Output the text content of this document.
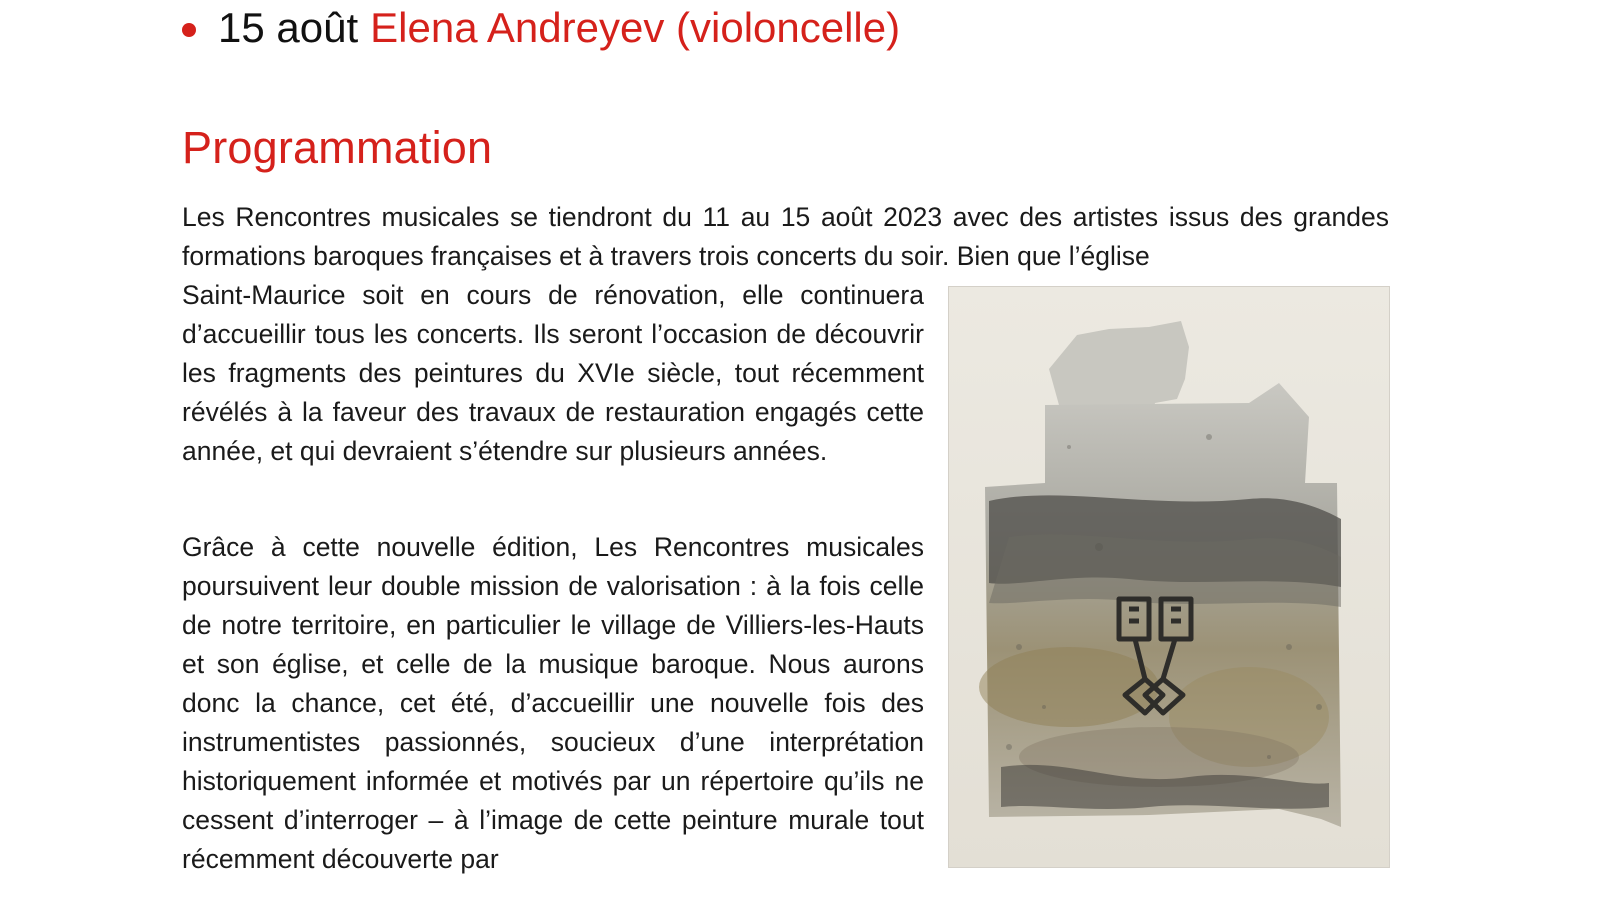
15 août Elena Andreyev (violoncelle)
Programmation

Les Rencontres musicales se tiendront du 11 au 15 août 2023 avec des artistes issus des grandes formations baroques françaises et à travers trois concerts du soir. Bien que l’église

Saint-Maurice soit en cours de rénovation, elle continuera d’accueillir tous les concerts. Ils seront l’occasion de découvrir les fragments des peintures du XVIe siècle, tout récemment révélés à la faveur des travaux de restauration engagés cette année, et qui devraient s’étendre sur plusieurs années.

Grâce à cette nouvelle édition, Les Rencontres musicales poursuivent leur double mission de valorisation : à la fois celle de notre territoire, en particulier le village de Villiers-les-Hauts et son église, et celle de la musique baroque. Nous aurons donc la chance, cet été, d’accueillir une nouvelle fois des instrumentistes passionnés, soucieux d’une interprétation historiquement informée et motivés par un répertoire qu’ils ne cessent d’interroger – à l’image de cette peinture murale tout récemment découverte par
